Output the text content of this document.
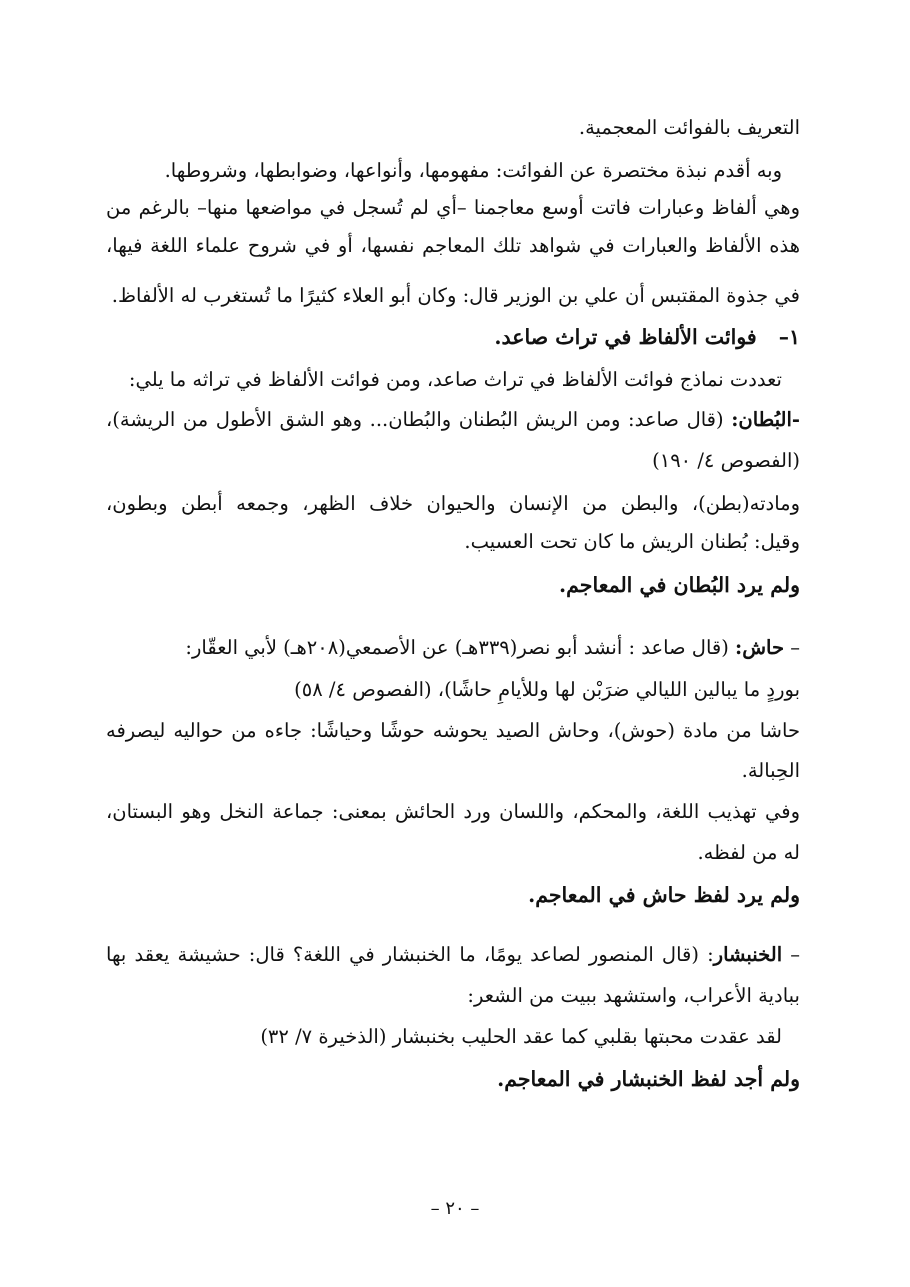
التعريف بالفوائت المعجمية.

وبه أقدم نبذة مختصرة عن الفوائت: مفهومها، وأنواعها، وضوابطها، وشروطها.

وهي ألفاظ وعبارات فاتت أوسع معاجمنا –أي لم تُسجل في مواضعها منها– بالرغم من

هذه الألفاظ والعبارات في شواهد تلك المعاجم نفسها، أو في شروح علماء اللغة فيها،

في جذوة المقتبس أن علي بن الوزير قال: وكان أبو العلاء كثيرًا ما تُستغرب له الألفاظ.

١–فوائت الألفاظ في تراث صاعد.

تعددت نماذج فوائت الألفاظ في تراث صاعد، ومن فوائت الألفاظ في تراثه ما يلي:

-البُطان: (قال صاعد: ومن الريش البُطنان والبُطان... وهو الشق الأطول من الريشة)،

(الفصوص ٤/ ١٩٠)

ومادته(بطن)، والبطن من الإنسان والحيوان خلاف الظهر، وجمعه أبطن وبطون،

وقيل: بُطنان الريش ما كان تحت العسيب.

ولم يرد البُطان في المعاجم.

– حاش: (قال صاعد : أنشد أبو نصر(٣٣٩هـ) عن الأصمعي(٢٠٨هـ) لأبي العقّار:

بوردٍ ما يبالين الليالي ضرَبْن لها وللأيامِ حاشًا)، (الفصوص ٤/ ٥٨)

حاشا من مادة (حوش)، وحاش الصيد يحوشه حوشًا وحياشًا: جاءه من حواليه ليصرفه

الحِبالة.

وفي تهذيب اللغة، والمحكم، واللسان ورد الحائش بمعنى: جماعة النخل وهو البستان،

له من لفظه.

ولم يرد لفظ حاش في المعاجم.

– الخنبشار: (قال المنصور لصاعد يومًا، ما الخنبشار في اللغة؟ قال: حشيشة يعقد بها

ببادية الأعراب، واستشهد ببيت من الشعر:

لقد عقدت محبتها بقلبي كما عقد الحليب بخنبشار (الذخيرة ٧/ ٣٢)

ولم أجد لفظ الخنبشار في المعاجم.

– ٢٠ –
